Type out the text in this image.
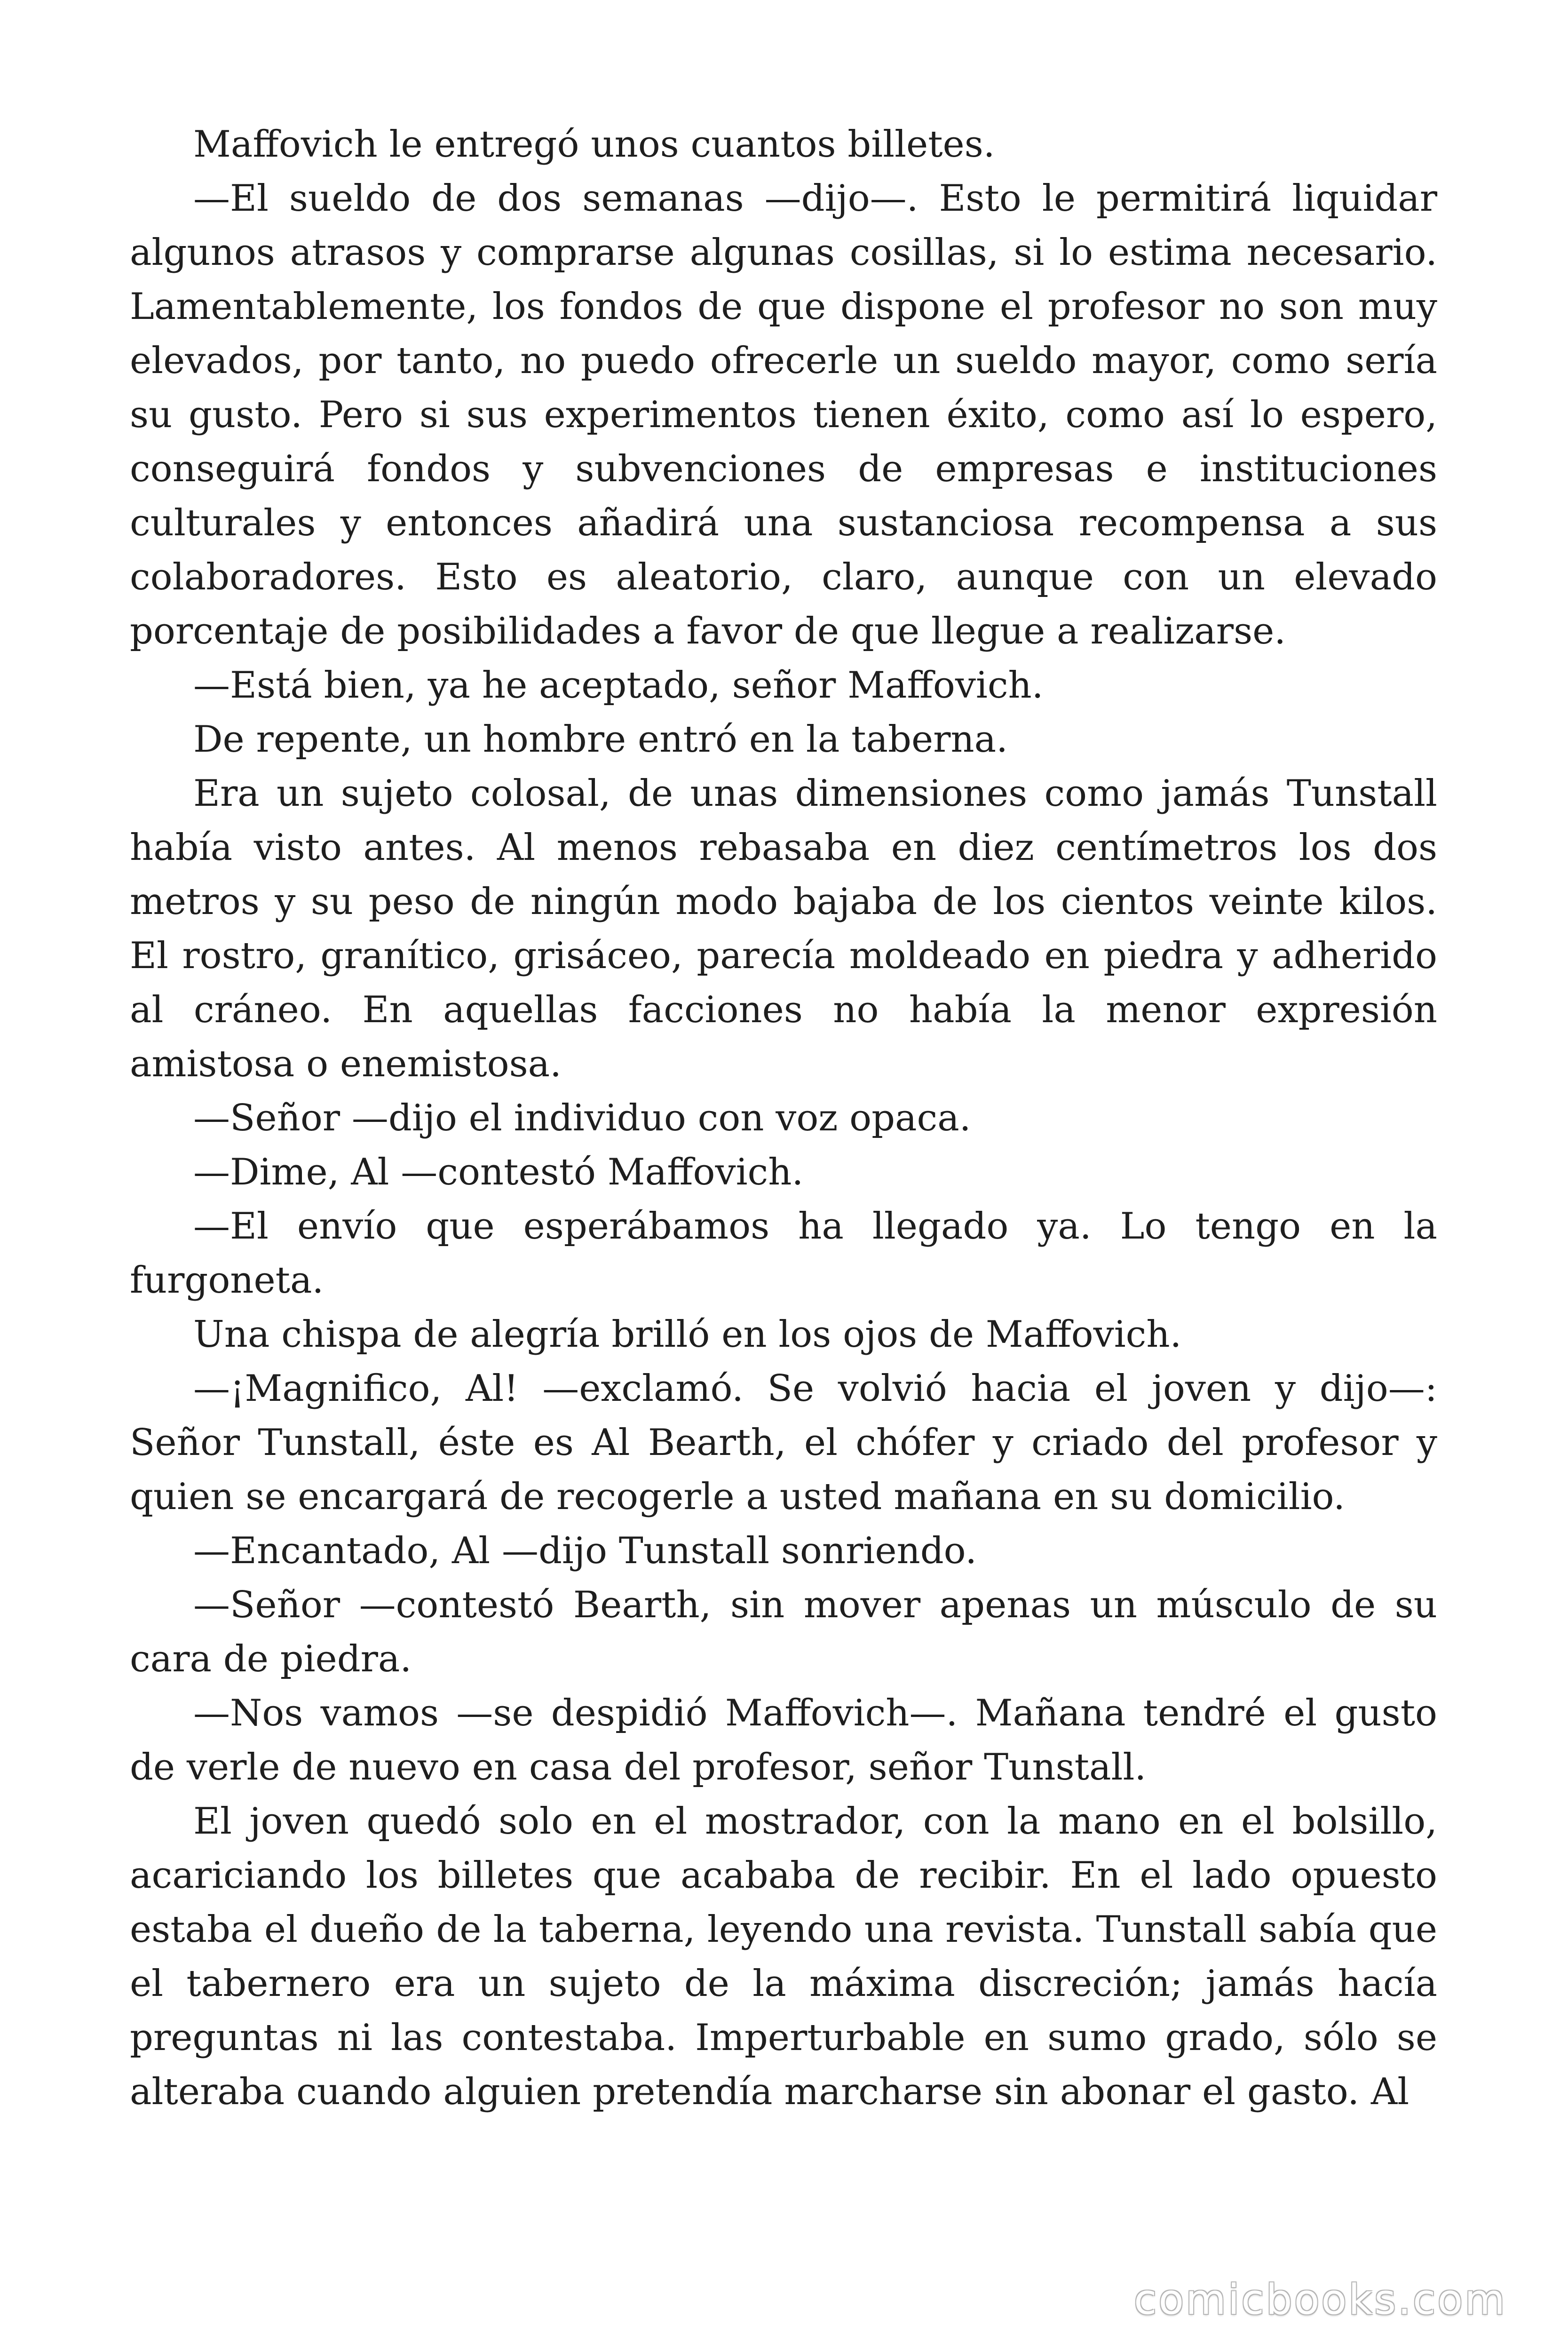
Maffovich le entregó unos cuantos billetes.

—El sueldo de dos semanas —dijo—. Esto le permitirá liquidar algunos atrasos y comprarse algunas cosillas, si lo estima necesario. Lamentablemente, los fondos de que dispone el profesor no son muy elevados, por tanto, no puedo ofrecerle un sueldo mayor, como sería su gusto. Pero si sus experimentos tienen éxito, como así lo espero, conseguirá fondos y subvenciones de empresas e instituciones culturales y entonces añadirá una sustanciosa recompensa a sus colaboradores. Esto es aleatorio, claro, aunque con un elevado porcentaje de posibilidades a favor de que llegue a realizarse.

—Está bien, ya he aceptado, señor Maffovich.

De repente, un hombre entró en la taberna.

Era un sujeto colosal, de unas dimensiones como jamás Tunstall había visto antes. Al menos rebasaba en diez centímetros los dos metros y su peso de ningún modo bajaba de los cientos veinte kilos. El rostro, granítico, grisáceo, parecía moldeado en piedra y adherido al cráneo. En aquellas facciones no había la menor expresión amistosa o enemistosa.

—Señor —dijo el individuo con voz opaca.

—Dime, Al —contestó Maffovich.

—El envío que esperábamos ha llegado ya. Lo tengo en la furgoneta.

Una chispa de alegría brilló en los ojos de Maffovich.

—¡Magnifico, Al! —exclamó. Se volvió hacia el joven y dijo—: Señor Tunstall, éste es Al Bearth, el chófer y criado del profesor y quien se encargará de recogerle a usted mañana en su domicilio.

—Encantado, Al —dijo Tunstall sonriendo.

—Señor —contestó Bearth, sin mover apenas un músculo de su cara de piedra.

—Nos vamos —se despidió Maffovich—. Mañana tendré el gusto de verle de nuevo en casa del profesor, señor Tunstall.

El joven quedó solo en el mostrador, con la mano en el bolsillo, acariciando los billetes que acababa de recibir. En el lado opuesto estaba el dueño de la taberna, leyendo una revista. Tunstall sabía que el tabernero era un sujeto de la máxima discreción; jamás hacía preguntas ni las contestaba. Imperturbable en sumo grado, sólo se alteraba cuando alguien pretendía marcharse sin abonar el gasto. Al

comicbooks.com
